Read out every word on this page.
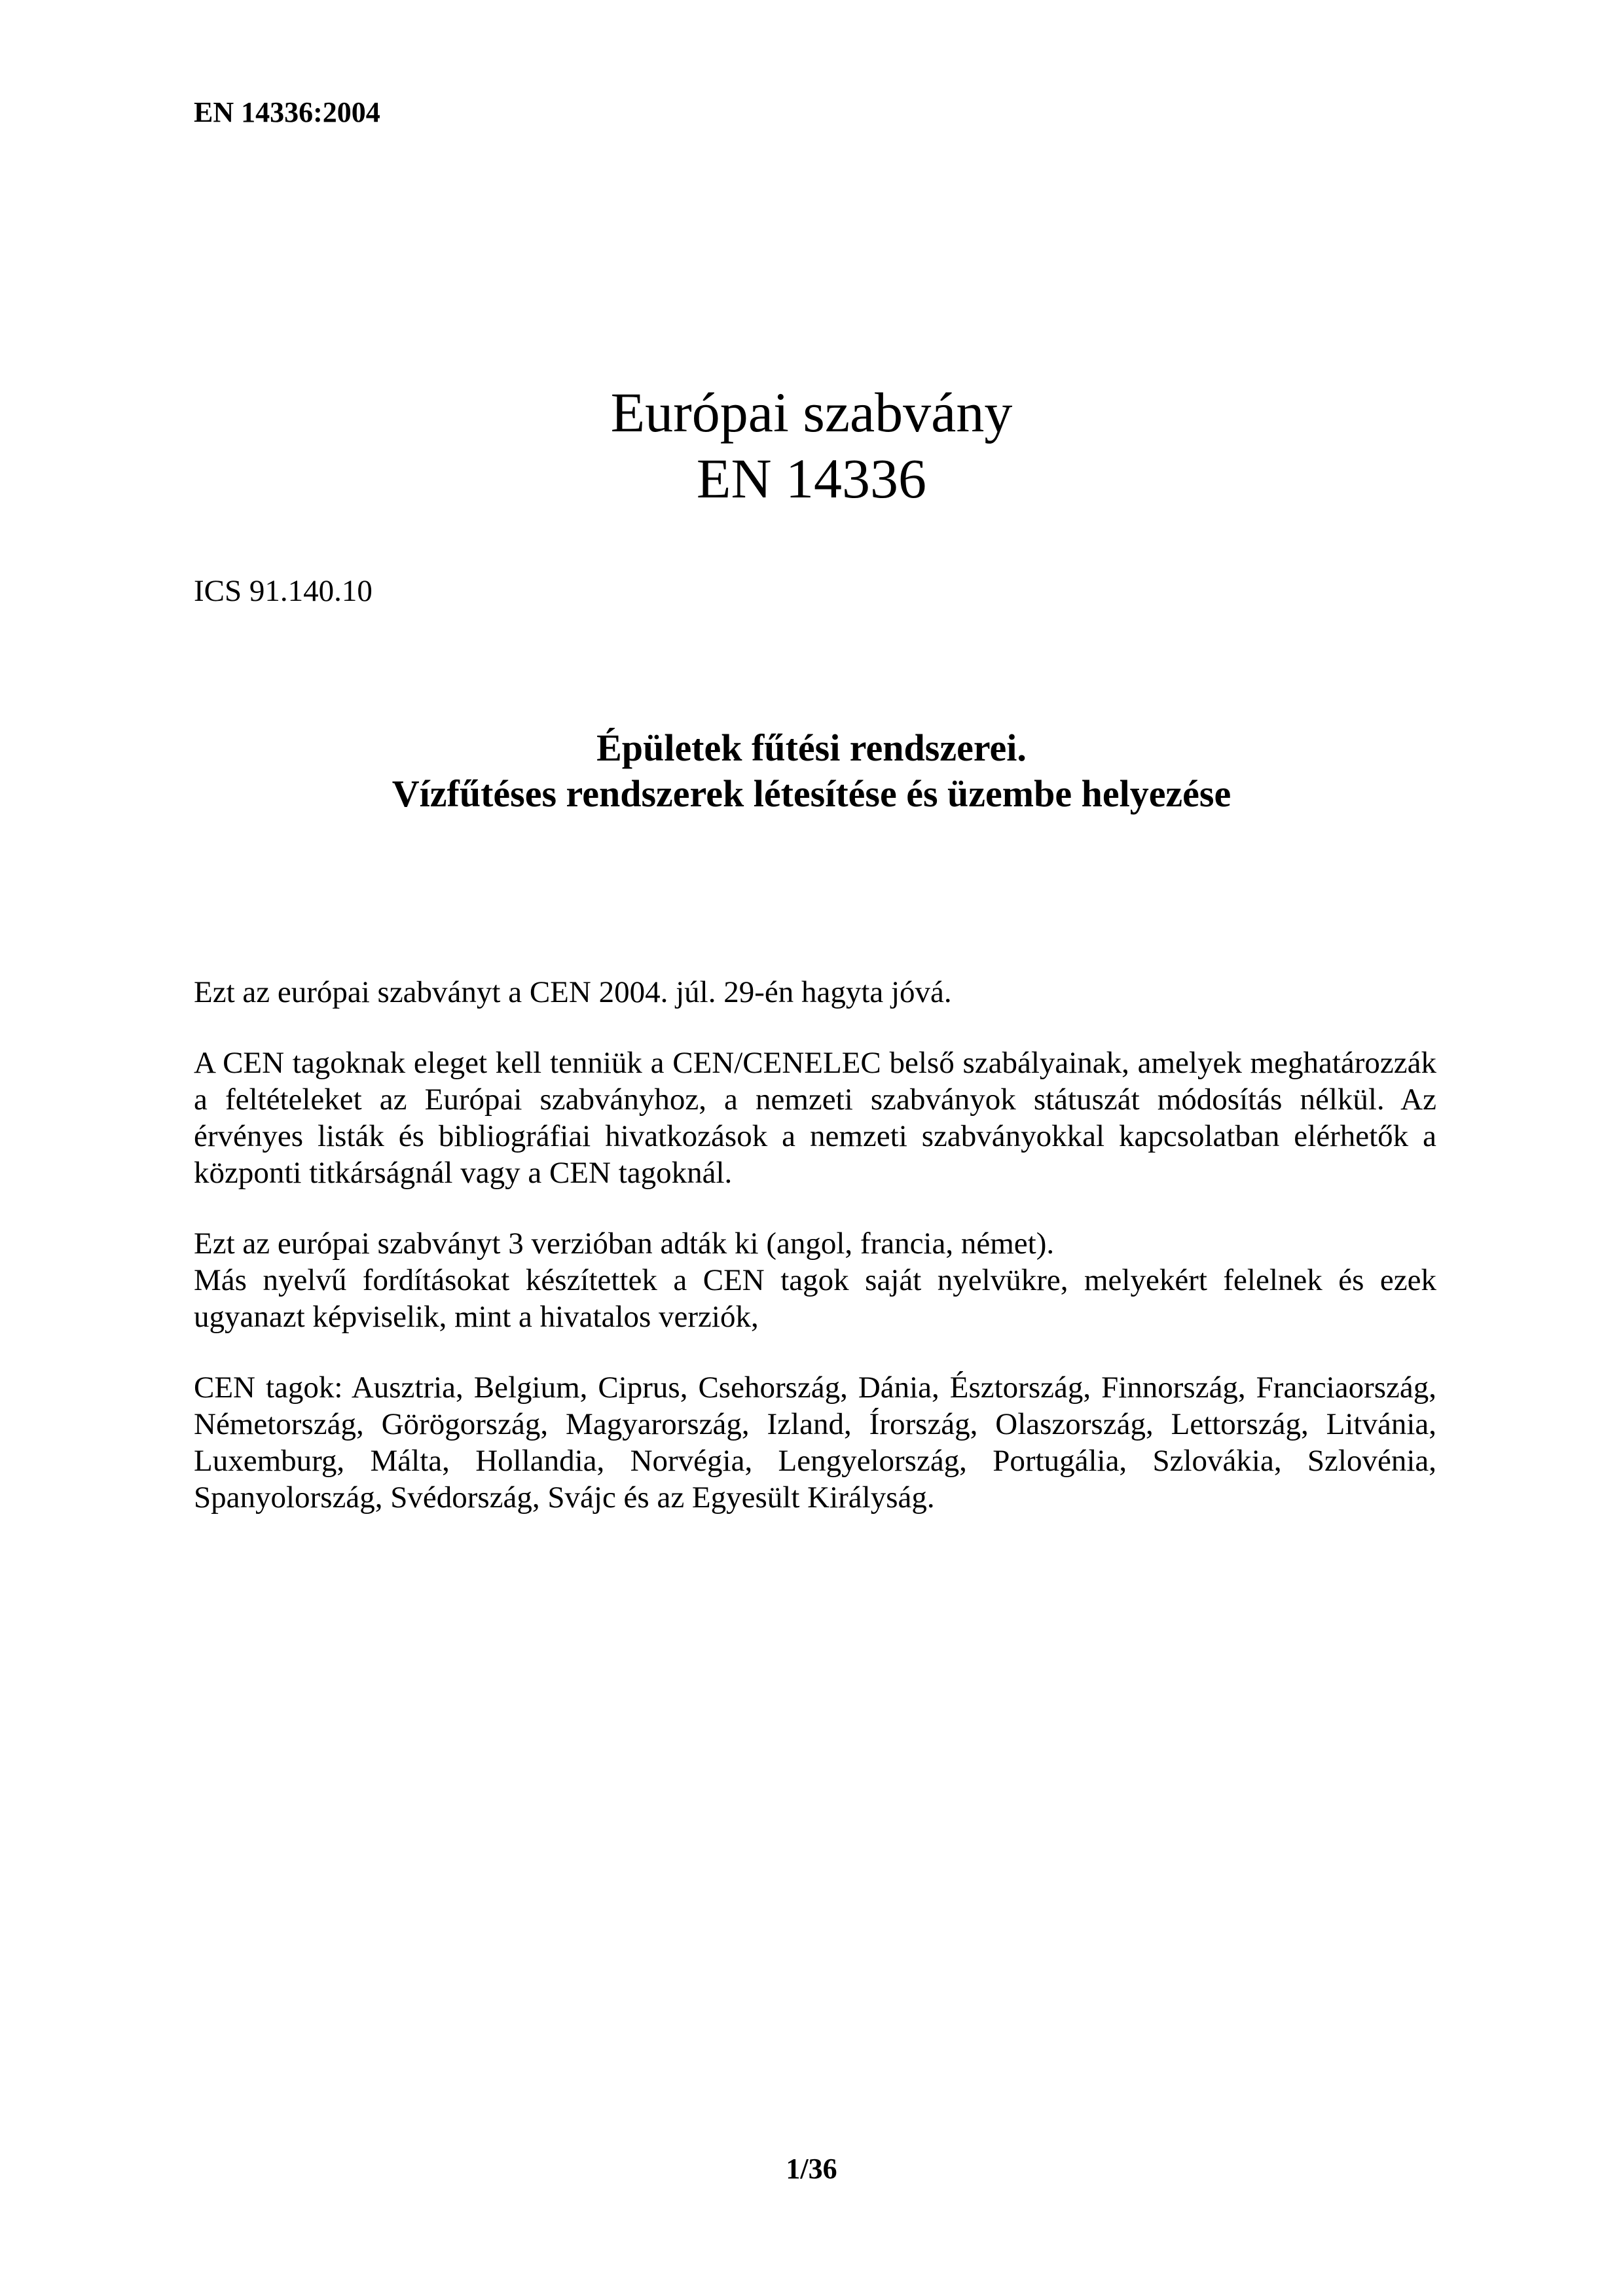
EN 14336:2004
Európai szabvány
EN 14336
ICS 91.140.10
Épületek fűtési rendszerei.
Vízfűtéses rendszerek létesítése és üzembe helyezése

Ezt az európai szabványt a CEN 2004. júl. 29-én hagyta jóvá.

A CEN tagoknak eleget kell tenniük a CEN/CENELEC belső szabályainak, amelyek meghatározzák a feltételeket az Európai szabványhoz, a nemzeti szabványok státuszát módosítás nélkül. Az érvényes listák és bibliográfiai hivatkozások a nemzeti szabványokkal kapcsolatban elérhetők a központi titkárságnál vagy a CEN tagoknál.

Ezt az európai szabványt 3 verzióban adták ki (angol, francia, német).

Más nyelvű fordításokat készítettek a CEN tagok saját nyelvükre, melyekért felelnek és ezek ugyanazt képviselik, mint a hivatalos verziók,

CEN tagok: Ausztria, Belgium, Ciprus, Csehország, Dánia, Észtország, Finnország, Franciaország, Németország, Görögország, Magyarország, Izland, Írország, Olaszország, Lettország, Litvánia, Luxemburg, Málta, Hollandia, Norvégia, Lengyelország, Portugália, Szlovákia, Szlovénia, Spanyolország, Svédország, Svájc és az Egyesült Királyság.

1/36
